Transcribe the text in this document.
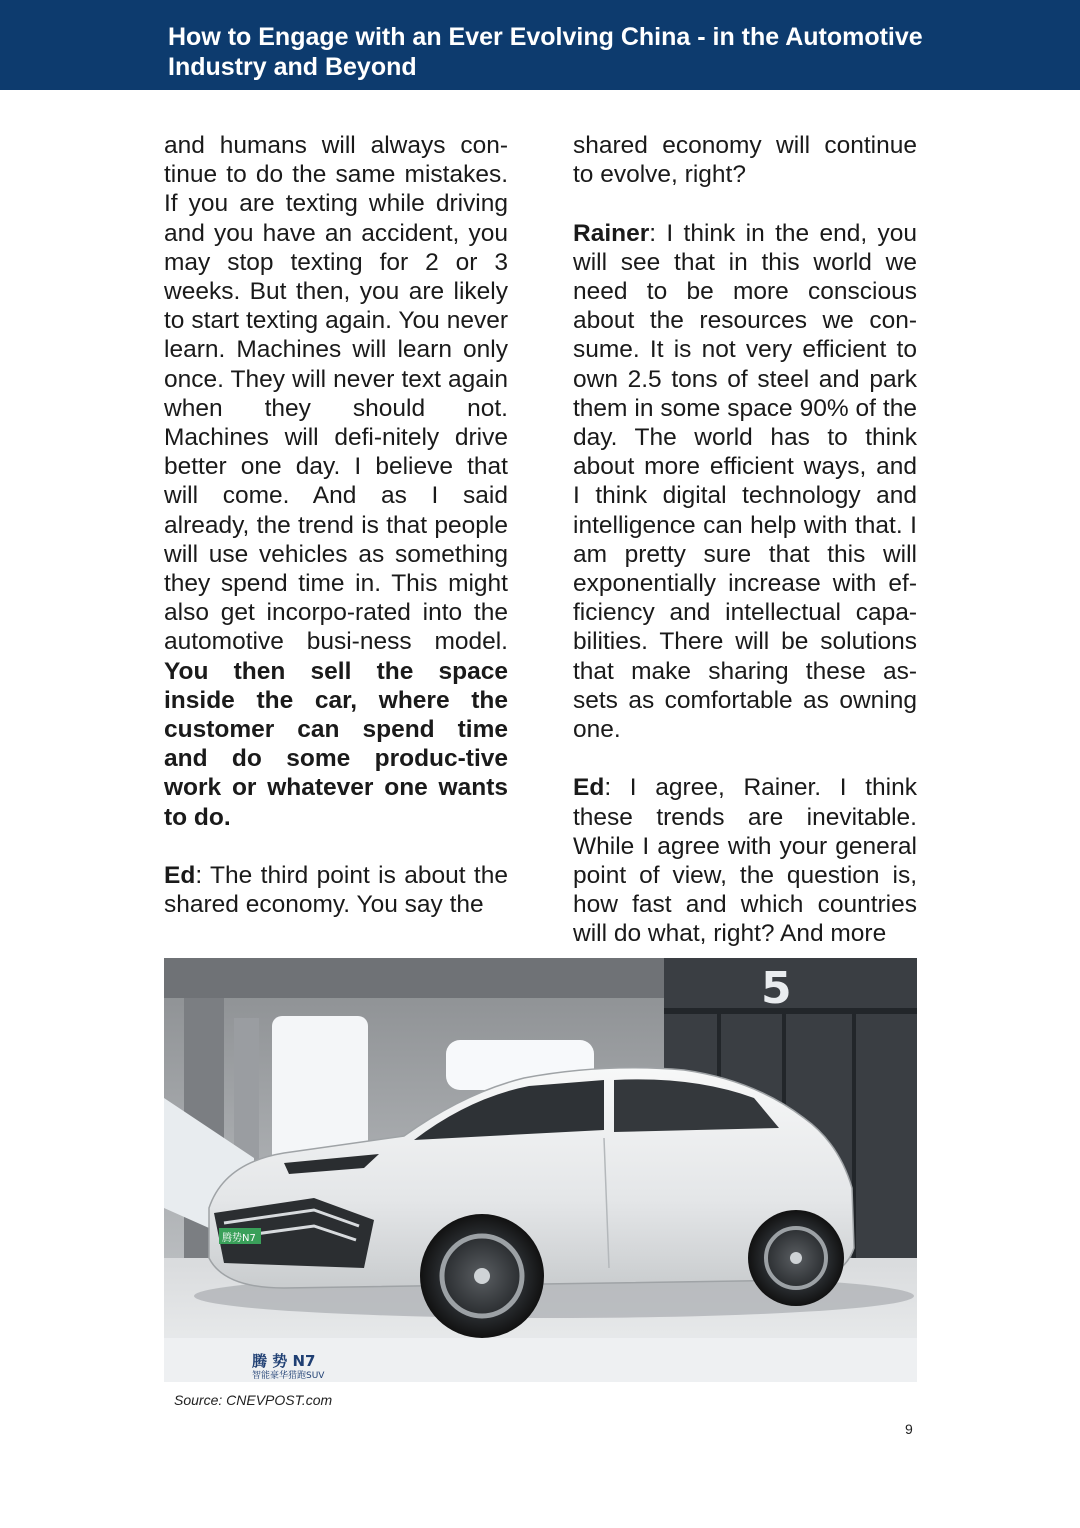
How to Engage with an Ever Evolving China - in the Automotive Industry and Beyond

and humans will always con-tinue to do the same mistakes. If you are texting while driving and you have an accident, you may stop texting for 2 or 3 weeks. But then, you are likely to start texting again. You never learn. Machines will learn only once. They will never text again when they should not. Machines will defi-nitely drive better one day. I believe that will come. And as I said already, the trend is that people will use vehicles as something they spend time in. This might also get incorpo-rated into the automotive busi-ness model. You then sell the space inside the car, where the customer can spend time and do some produc-tive work or whatever one wants to do.

Ed: The third point is about the shared economy. You say the

shared economy will continue to evolve, right?

Rainer: I think in the end, you will see that in this world we need to be more conscious about the resources we con-sume. It is not very efficient to own 2.5 tons of steel and park them in some space 90% of the day. The world has to think about more efficient ways, and I think digital technology and intelligence can help with that. I am pretty sure that this will exponentially increase with ef-ficiency and intellectual capa-bilities. There will be solutions that make sharing these as-sets as comfortable as owning one.

Ed: I agree, Rainer. I think these trends are inevitable. While I agree with your general point of view, the question is, how fast and which countries will do what, right? And more

5
腾势N7
腾 势 N7
智能豪华猎跑SUV
Source: CNEVPOST.com
9
